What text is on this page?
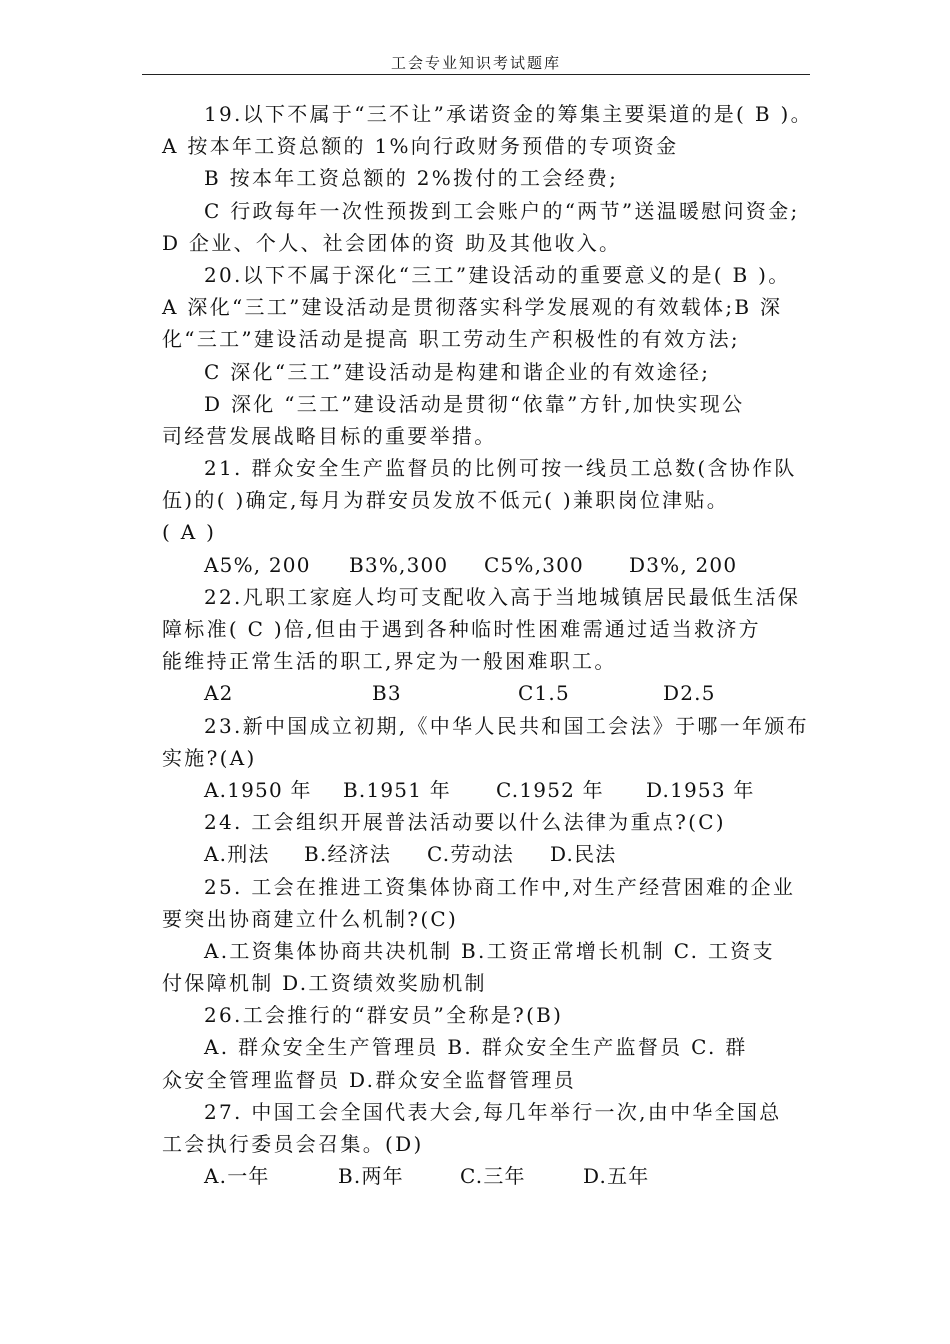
工会专业知识考试题库
19.以下不属于“三不让”承诺资金的筹集主要渠道的是( B )。
A 按本年工资总额的 1%向行政财务预借的专项资金
B 按本年工资总额的 2%拨付的工会经费;
C 行政每年一次性预拨到工会账户的“两节”送温暖慰问资金;
D 企业、个人、社会团体的资 助及其他收入。
20.以下不属于深化“三工”建设活动的重要意义的是( B )。
A 深化“三工”建设活动是贯彻落实科学发展观的有效载体;B 深
化“三工”建设活动是提高 职工劳动生产积极性的有效方法;
C 深化“三工”建设活动是构建和谐企业的有效途径;
D 深化 “三工”建设活动是贯彻“依靠”方针,加快实现公
司经营发展战略目标的重要举措。
21. 群众安全生产监督员的比例可按一线员工总数(含协作队
伍)的( )确定,每月为群安员发放不低元( )兼职岗位津贴。
( A )
A5%, 200 B3%,300 C5%,300 D3%, 200
22.凡职工家庭人均可支配收入高于当地城镇居民最低生活保
障标准( C )倍,但由于遇到各种临时性困难需通过适当救济方
能维持正常生活的职工,界定为一般困难职工。
A2	B3	C1.5	D2.5
23.新中国成立初期,《中华人民共和国工会法》于哪一年颁布
实施?(A)
A.1950 年 B.1951 年 C.1952 年 D.1953 年
24. 工会组织开展普法活动要以什么法律为重点?(C)
A.刑法 B.经济法 C.劳动法 D.民法
25. 工会在推进工资集体协商工作中,对生产经营困难的企业
要突出协商建立什么机制?(C)
A.工资集体协商共决机制 B.工资正常增长机制 C. 工资支
付保障机制 D.工资绩效奖励机制
26.工会推行的“群安员”全称是?(B)
A. 群众安全生产管理员 B. 群众安全生产监督员 C. 群
众安全管理监督员 D.群众安全监督管理员
27. 中国工会全国代表大会,每几年举行一次,由中华全国总
工会执行委员会召集。(D)
A.一年	B.两年	C.三年	D.五年
